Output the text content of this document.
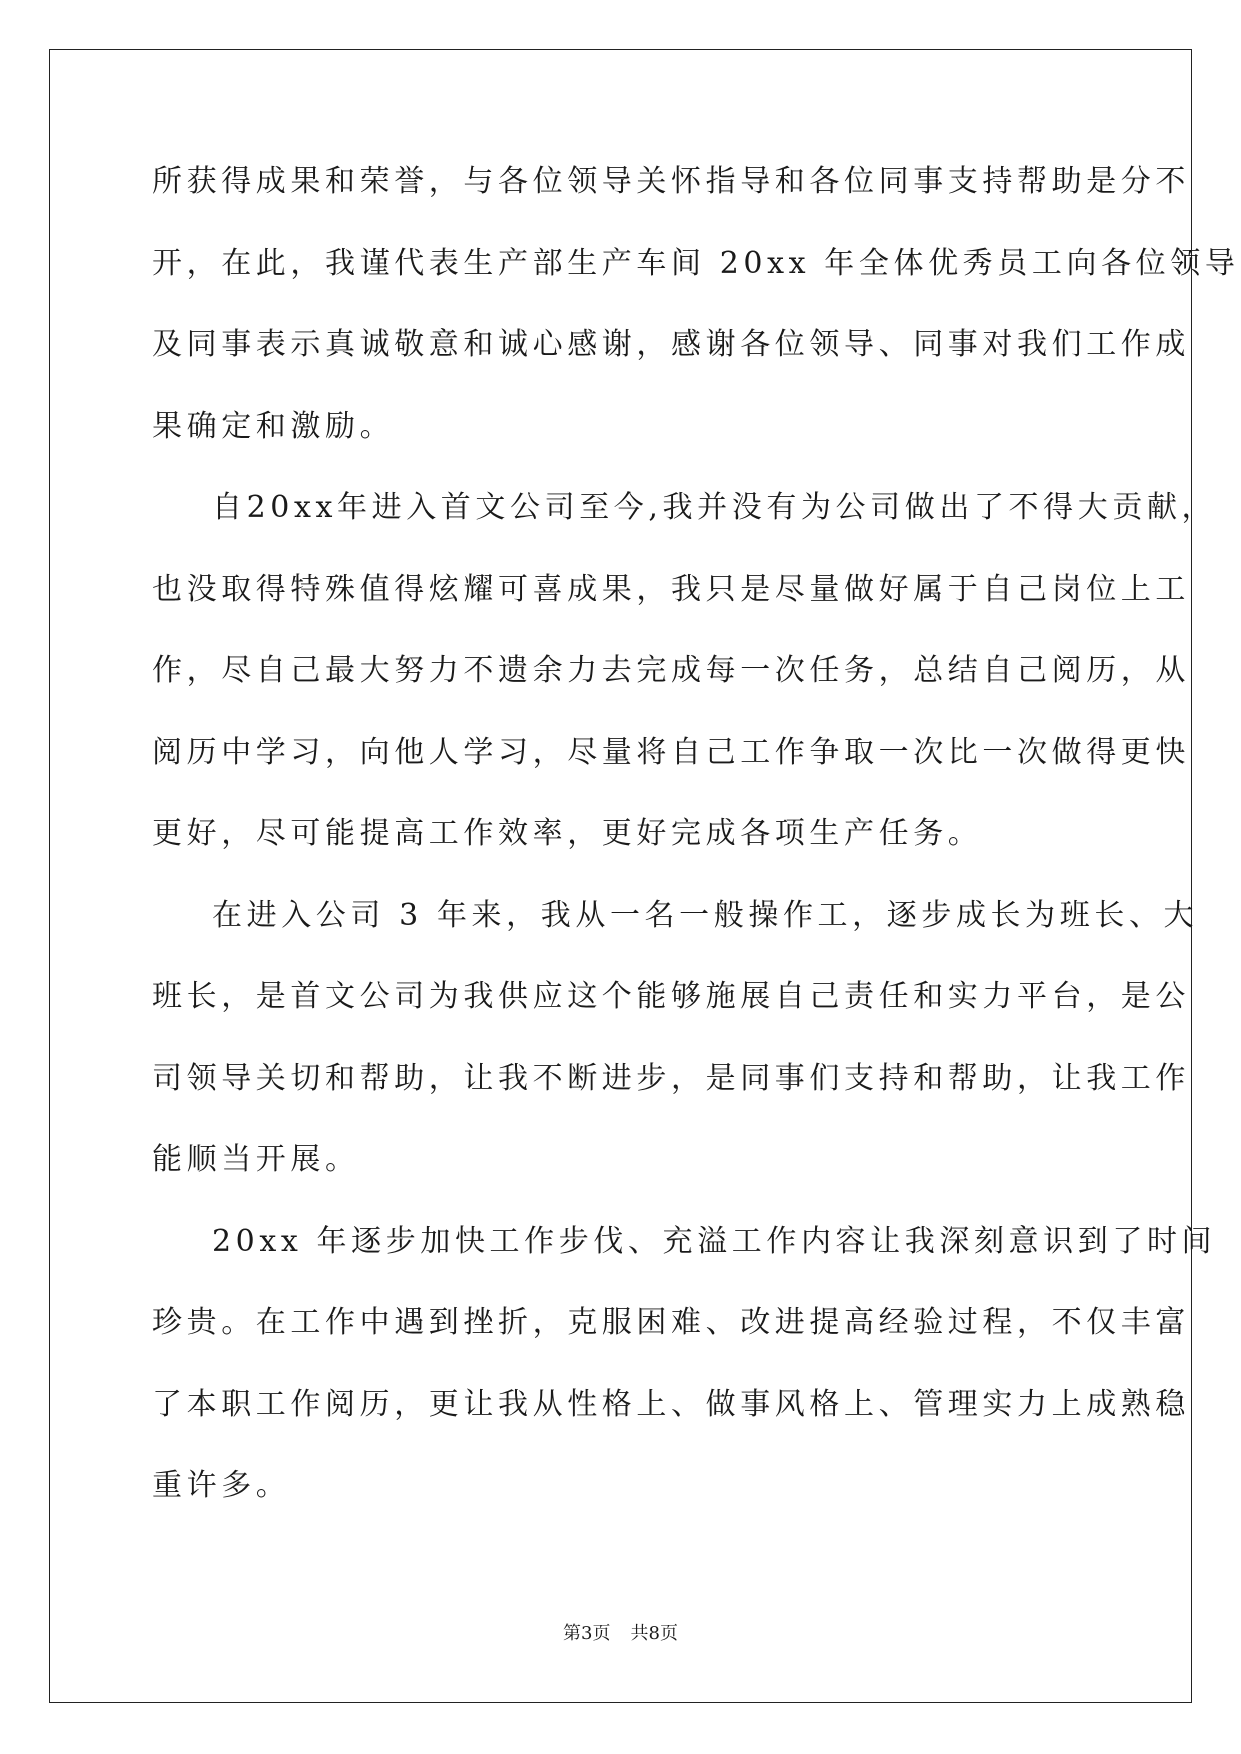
所获得成果和荣誉，与各位领导关怀指导和各位同事支持帮助是分不
开，在此，我谨代表生产部生产车间 20xx 年全体优秀员工向各位领导
及同事表示真诚敬意和诚心感谢，感谢各位领导、同事对我们工作成
果确定和激励。
自20xx年进入首文公司至今,我并没有为公司做出了不得大贡献，
也没取得特殊值得炫耀可喜成果，我只是尽量做好属于自己岗位上工
作，尽自己最大努力不遗余力去完成每一次任务，总结自己阅历，从
阅历中学习，向他人学习，尽量将自己工作争取一次比一次做得更快
更好，尽可能提高工作效率，更好完成各项生产任务。
在进入公司 3 年来，我从一名一般操作工，逐步成长为班长、大
班长，是首文公司为我供应这个能够施展自己责任和实力平台，是公
司领导关切和帮助，让我不断进步，是同事们支持和帮助，让我工作
能顺当开展。
20xx 年逐步加快工作步伐、充溢工作内容让我深刻意识到了时间
珍贵。在工作中遇到挫折，克服困难、改进提高经验过程，不仅丰富
了本职工作阅历，更让我从性格上、做事风格上、管理实力上成熟稳
重许多。
第3页 共8页
